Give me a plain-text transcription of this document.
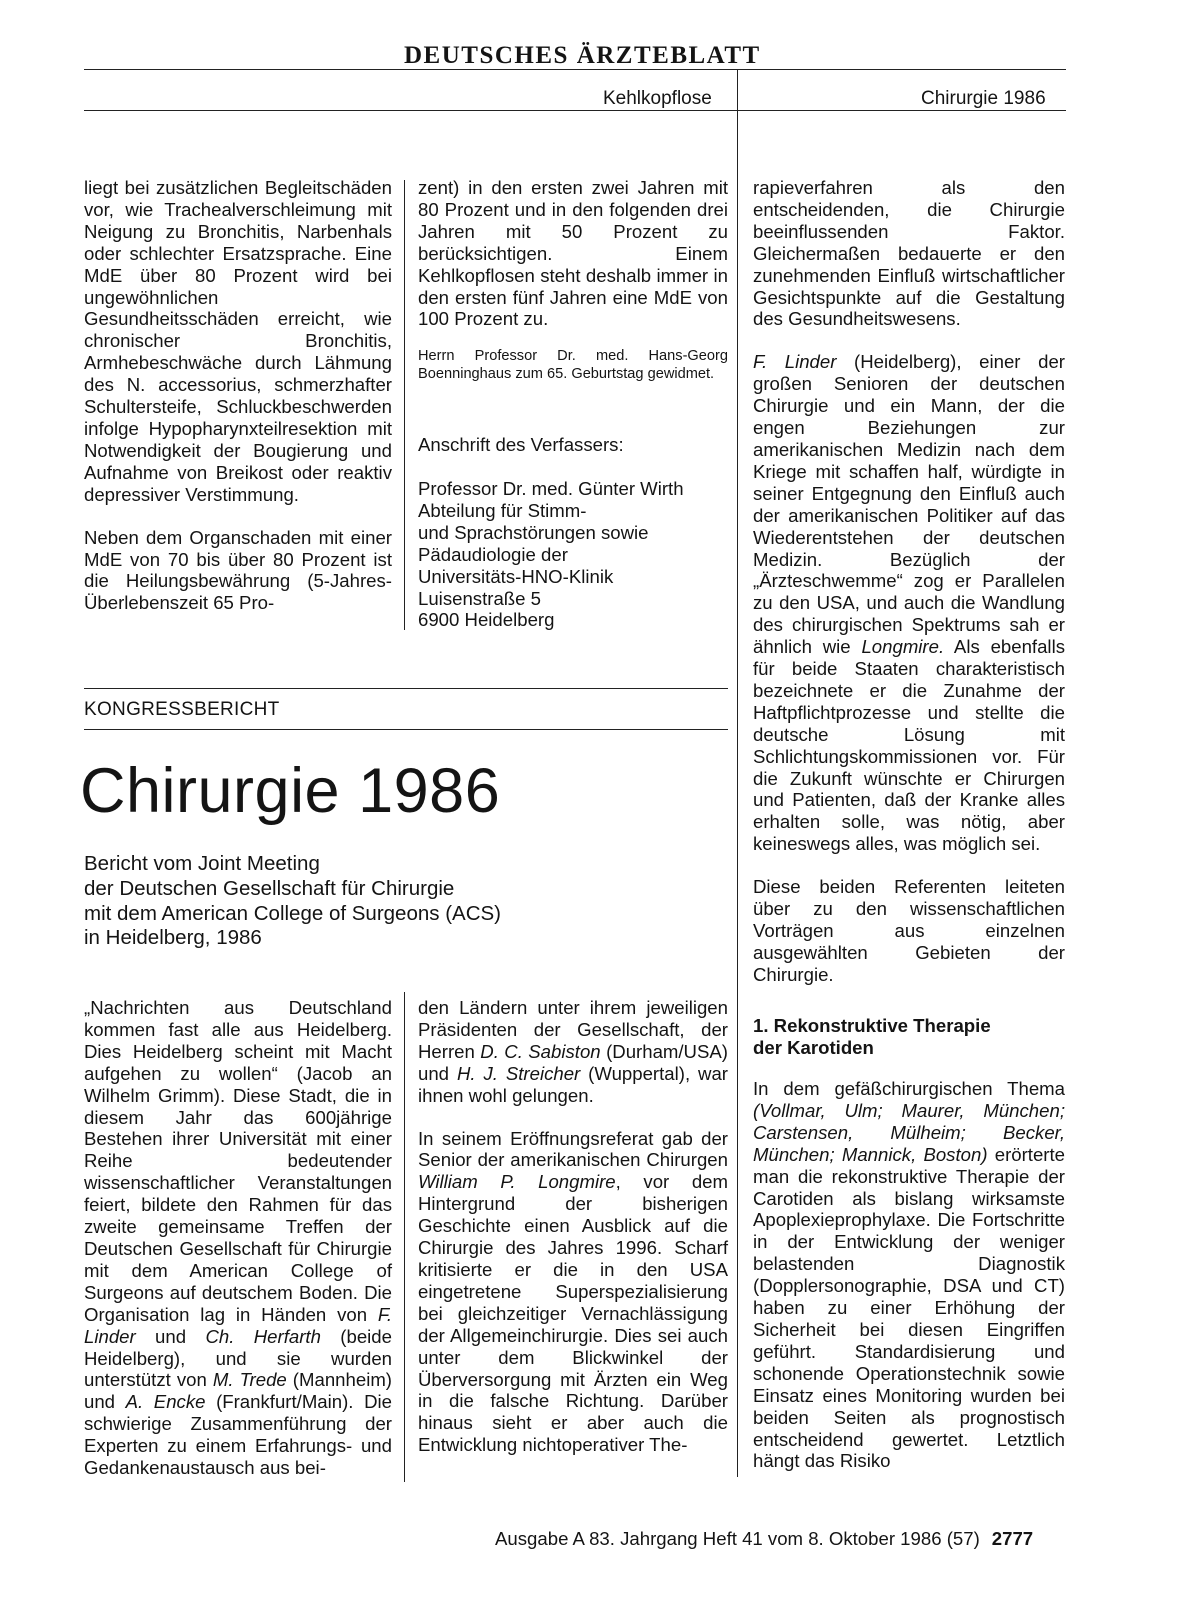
DEUTSCHES ÄRZTEBLATT
Kehlkopflose	Chirurgie 1986

liegt bei zusätzlichen Begleitschäden vor, wie Trachealverschleimung mit Neigung zu Bronchitis, Narbenhals oder schlechter Ersatzsprache. Eine MdE über 80 Prozent wird bei ungewöhnlichen Gesundheitsschäden erreicht, wie chronischer Bronchitis, Armhebeschwäche durch Lähmung des N. accessorius, schmerzhafter Schultersteife, Schluckbeschwerden infolge Hypopharynxteilresektion mit Notwendigkeit der Bougierung und Aufnahme von Breikost oder reaktiv depressiver Verstimmung.

Neben dem Organschaden mit einer MdE von 70 bis über 80 Prozent ist die Heilungsbewährung (5-Jahres-Überlebenszeit 65 Pro-

zent) in den ersten zwei Jahren mit 80 Prozent und in den folgenden drei Jahren mit 50 Prozent zu berücksichtigen. Einem Kehlkopflosen steht deshalb immer in den ersten fünf Jahren eine MdE von 100 Prozent zu.

Herrn Professor Dr. med. Hans-Georg Boenninghaus zum 65. Geburtstag gewidmet.
Anschrift des Verfassers:
Professor Dr. med. Günter Wirth
Abteilung für Stimm-
und Sprachstörungen sowie
Pädaudiologie der
Universitäts-HNO-Klinik
Luisenstraße 5
6900 Heidelberg
KONGRESSBERICHT
Chirurgie 1986
Bericht vom Joint Meeting
der Deutschen Gesellschaft für Chirurgie
mit dem American College of Surgeons (ACS)
in Heidelberg, 1986

„Nachrichten aus Deutschland kommen fast alle aus Heidelberg. Dies Heidelberg scheint mit Macht aufgehen zu wollen“ (Jacob an Wilhelm Grimm). Diese Stadt, die in diesem Jahr das 600jährige Bestehen ihrer Universität mit einer Reihe bedeutender wissenschaftlicher Veranstaltungen feiert, bildete den Rahmen für das zweite gemeinsame Treffen der Deutschen Gesellschaft für Chirurgie mit dem American College of Surgeons auf deutschem Boden. Die Organisation lag in Händen von F. Linder und Ch. Herfarth (beide Heidelberg), und sie wurden unterstützt von M. Trede (Mannheim) und A. Encke (Frankfurt/Main). Die schwierige Zusammenführung der Experten zu einem Erfahrungs- und Gedankenaustausch aus bei-

den Ländern unter ihrem jeweiligen Präsidenten der Gesellschaft, der Herren D. C. Sabiston (Durham/USA) und H. J. Streicher (Wuppertal), war ihnen wohl gelungen.

In seinem Eröffnungsreferat gab der Senior der amerikanischen Chirurgen William P. Longmire, vor dem Hintergrund der bisherigen Geschichte einen Ausblick auf die Chirurgie des Jahres 1996. Scharf kritisierte er die in den USA eingetretene Superspezialisierung bei gleichzeitiger Vernachlässigung der Allgemeinchirurgie. Dies sei auch unter dem Blickwinkel der Überversorgung mit Ärzten ein Weg in die falsche Richtung. Darüber hinaus sieht er aber auch die Entwicklung nichtoperativer The-

rapieverfahren als den entscheidenden, die Chirurgie beeinflussenden Faktor. Gleichermaßen bedauerte er den zunehmenden Einfluß wirtschaftlicher Gesichtspunkte auf die Gestaltung des Gesundheitswesens.

F. Linder (Heidelberg), einer der großen Senioren der deutschen Chirurgie und ein Mann, der die engen Beziehungen zur amerikanischen Medizin nach dem Kriege mit schaffen half, würdigte in seiner Entgegnung den Einfluß auch der amerikanischen Politiker auf das Wiederentstehen der deutschen Medizin. Bezüglich der „Ärzteschwemme“ zog er Parallelen zu den USA, und auch die Wandlung des chirurgischen Spektrums sah er ähnlich wie Longmire. Als ebenfalls für beide Staaten charakteristisch bezeichnete er die Zunahme der Haftpflichtprozesse und stellte die deutsche Lösung mit Schlichtungskommissionen vor. Für die Zukunft wünschte er Chirurgen und Patienten, daß der Kranke alles erhalten solle, was nötig, aber keineswegs alles, was möglich sei.

Diese beiden Referenten leiteten über zu den wissenschaftlichen Vorträgen aus einzelnen ausgewählten Gebieten der Chirurgie.

1. Rekonstruktive Therapie
der Karotiden

In dem gefäßchirurgischen Thema (Vollmar, Ulm; Maurer, München; Carstensen, Mülheim; Becker, München; Mannick, Boston) erörterte man die rekonstruktive Therapie der Carotiden als bislang wirksamste Apoplexieprophylaxe. Die Fortschritte in der Entwicklung der weniger belastenden Diagnostik (Dopplersonographie, DSA und CT) haben zu einer Erhöhung der Sicherheit bei diesen Eingriffen geführt. Standardisierung und schonende Operationstechnik sowie Einsatz eines Monitoring wurden bei beiden Seiten als prognostisch entscheidend gewertet. Letztlich hängt das Risiko

Ausgabe A 83. Jahrgang Heft 41 vom 8. Oktober 1986 (57) 2777
